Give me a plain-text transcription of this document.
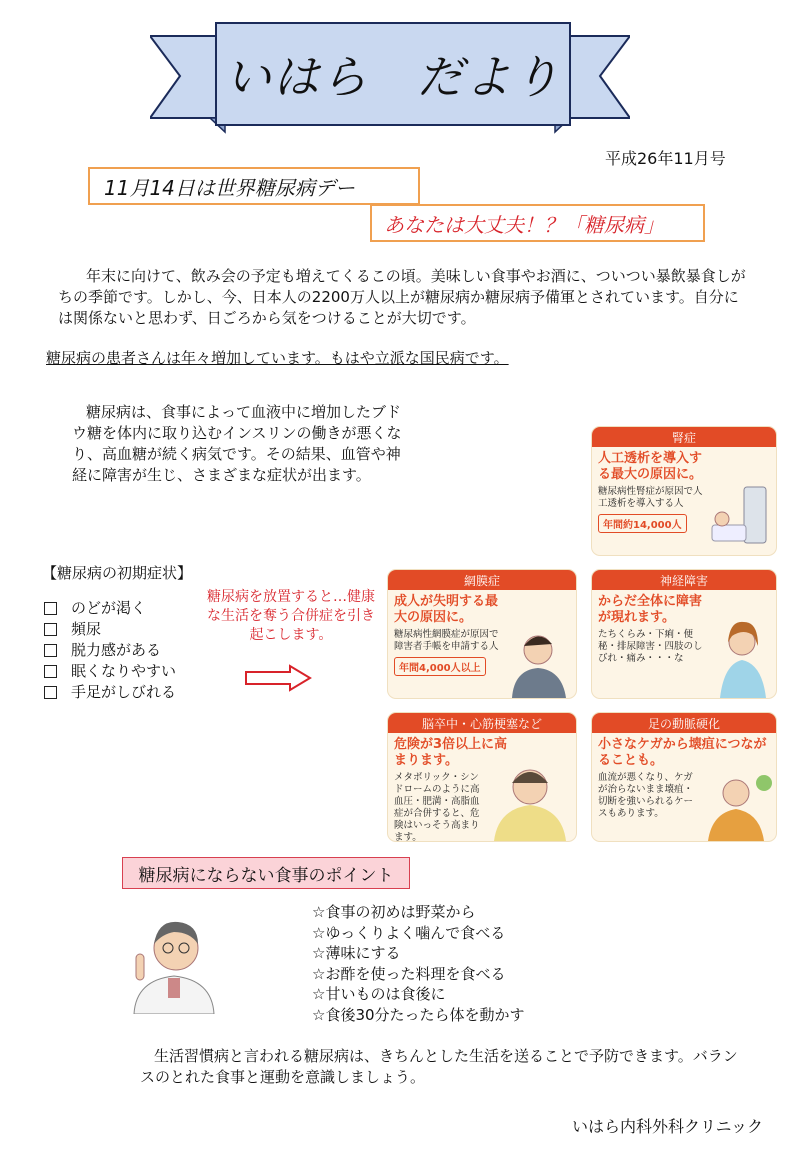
いはら　だより
平成26年11月号
11月14日は世界糖尿病デー
あなたは大丈夫！？「糖尿病」
年末に向けて、飲み会の予定も増えてくるこの頃。美味しい食事やお酒に、ついつい暴飲暴食しがちの季節です。しかし、今、日本人の2200万人以上が糖尿病か糖尿病予備軍とされています。自分には関係ないと思わず、日ごろから気をつけることが大切です。
糖尿病の患者さんは年々増加しています。もはや立派な国民病です。
糖尿病は、食事によって血液中に増加したブドウ糖を体内に取り込むインスリンの働きが悪くなり、高血糖が続く病気です。その結果、血管や神経に障害が生じ、さまざまな症状が出ます。
【糖尿病の初期症状】
のどが渇く
頻尿
脱力感がある
眠くなりやすい
手足がしびれる
糖尿病を放置すると…健康な生活を奪う合併症を引き起こします。
腎症
人工透析を導入する最大の原因に。
糖尿病性腎症が原因で人工透析を導入する人
年間約14,000人
網膜症
成人が失明する最大の原因に。
糖尿病性網膜症が原因で障害者手帳を申請する人
年間4,000人以上
神経障害
からだ全体に障害が現れます。
たちくらみ・下痢・便秘・排尿障害・四肢のしびれ・痛み・・・な
脳卒中・心筋梗塞など
危険が3倍以上に高まります。
メタボリック・シンドロームのように高血圧・肥満・高脂血症が合併すると、危険はいっそう高まります。
足の動脈硬化
小さなケガから壊疽につながることも。
血流が悪くなり、ケガが治らないまま壊疽・切断を強いられるケースもあります。
糖尿病にならない食事のポイント
☆食事の初めは野菜から
☆ゆっくりよく噛んで食べる
☆薄味にする
☆お酢を使った料理を食べる
☆甘いものは食後に
☆食後30分たったら体を動かす
生活習慣病と言われる糖尿病は、きちんとした生活を送ることで予防できます。バランスのとれた食事と運動を意識しましょう。
いはら内科外科クリニック
